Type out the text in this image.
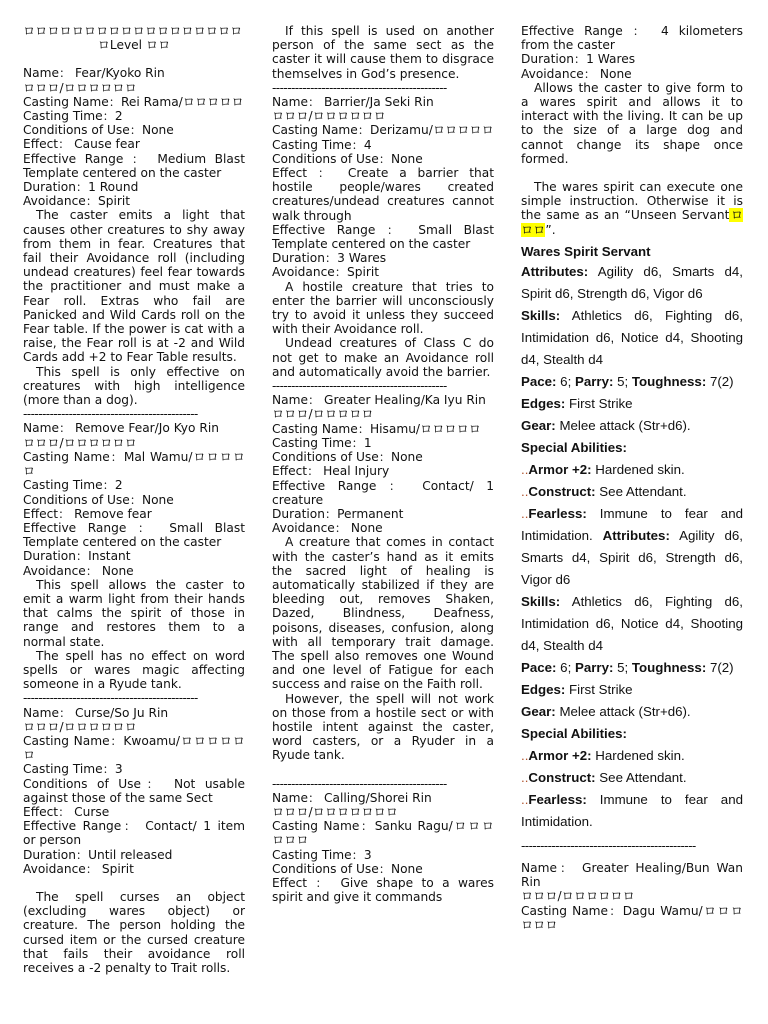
ロロロロロロロロロロロロロロロロロロ

ロLevel ロロ

Name： Fear/Kyoko Rin

ロロロ/ロロロロロロ

Casting Name：Rei Rama/ロロロロロ

Casting Time：2

Conditions of Use：None

Effect： Cause fear

Effective Range ： Medium Blast Template centered on the caster

Duration：1 Round

Avoidance：Spirit

The caster emits a light that causes other creatures to shy away from them in fear. Creatures that fail their Avoidance roll (including undead creatures) feel fear towards the practitioner and must make a Fear roll. Extras who fail are Panicked and Wild Cards roll on the Fear table. If the power is cat with a raise, the Fear roll is at -2 and Wild Cards add +2 to Fear Table results.

This spell is only effective on creatures with high intelligence (more than a dog).

----------------------------------------------

Name： Remove Fear/Jo Kyo Rin

ロロロ/ロロロロロロ

Casting Name：Mal Wamu/ロロロロロ

Casting Time：2

Conditions of Use：None

Effect： Remove fear

Effective Range ： Small Blast Template centered on the caster

Duration：Instant

Avoidance： None

This spell allows the caster to emit a warm light from their hands that calms the spirit of those in range and restores them to a normal state.

The spell has no effect on word spells or wares magic affecting someone in a Ryude tank.

----------------------------------------------

Name： Curse/So Ju Rin

ロロロ/ロロロロロロ

Casting Name：Kwoamu/ロロロロロロ

Casting Time：3

Conditions of Use： Not usable against those of the same Sect

Effect： Curse

Effective Range： Contact/ 1 item or person

Duration：Until released

Avoidance： Spirit

The spell curses an object (excluding wares object) or creature. The person holding the cursed item or the cursed creature that fails their avoidance roll receives a -2 penalty to Trait rolls.

If this spell is used on another person of the same sect as the caster it will cause them to disgrace themselves in God’s presence.

----------------------------------------------

Name： Barrier/Ja Seki Rin

ロロロ/ロロロロロロ

Casting Name：Derizamu/ロロロロロ

Casting Time：4

Conditions of Use：None

Effect ： Create a barrier that hostile people/wares created creatures/undead creatures cannot walk through

Effective Range ： Small Blast Template centered on the caster

Duration：3 Wares

Avoidance：Spirit

A hostile creature that tries to enter the barrier will unconsciously try to avoid it unless they succeed with their Avoidance roll.

Undead creatures of Class C do not get to make an Avoidance roll and automatically avoid the barrier.

----------------------------------------------

Name： Greater Healing/Ka Iyu Rin

ロロロ/ロロロロロ

Casting Name：Hisamu/ロロロロロ

Casting Time：1

Conditions of Use：None

Effect： Heal Injury

Effective Range ： Contact/ 1 creature

Duration：Permanent

Avoidance： None

A creature that comes in contact with the caster’s hand as it emits the sacred light of healing is automatically stabilized if they are bleeding out, removes Shaken, Dazed, Blindness, Deafness, poisons, diseases, confusion, along with all temporary trait damage. The spell also removes one Wound and one level of Fatigue for each success and raise on the Faith roll.

However, the spell will not work on those from a hostile sect or with hostile intent against the caster, word casters, or a Ryuder in a Ryude tank.

----------------------------------------------

Name： Calling/Shorei Rin

ロロロ/ロロロロロロロ

Casting Name：Sanku Ragu/ロロロロロロ

Casting Time：3

Conditions of Use：None

Effect ： Give shape to a wares spirit and give it commands

Effective Range ： 4 kilometers from the caster

Duration：1 Wares

Avoidance： None

Allows the caster to give form to a wares spirit and allows it to interact with the living. It can be up to the size of a large dog and cannot change its shape once formed.

The wares spirit can execute one simple instruction. Otherwise it is the same as an “Unseen Servantロロロ”.

Wares Spirit Servant

Attributes: Agility d6, Smarts d4, Spirit d6, Strength d6, Vigor d6

Skills: Athletics d6, Fighting d6, Intimidation d6, Notice d4, Shooting d4, Stealth d4

Pace: 6; Parry: 5; Toughness: 7(2)

Edges: First Strike

Gear: Melee attack (Str+d6).

Special Abilities:

..Armor +2: Hardened skin.

..Construct: See Attendant.

..Fearless: Immune to fear and Intimidation. Attributes: Agility d6, Smarts d4, Spirit d6, Strength d6, Vigor d6

Skills: Athletics d6, Fighting d6, Intimidation d6, Notice d4, Shooting d4, Stealth d4

Pace: 6; Parry: 5; Toughness: 7(2)

Edges: First Strike

Gear: Melee attack (Str+d6).

Special Abilities:

..Armor +2: Hardened skin.

..Construct: See Attendant.

..Fearless: Immune to fear and Intimidation.

----------------------------------------------

Name： Greater Healing/Bun Wan Rin

ロロロ/ロロロロロロ

Casting Name：Dagu Wamu/ロロロロロロ
